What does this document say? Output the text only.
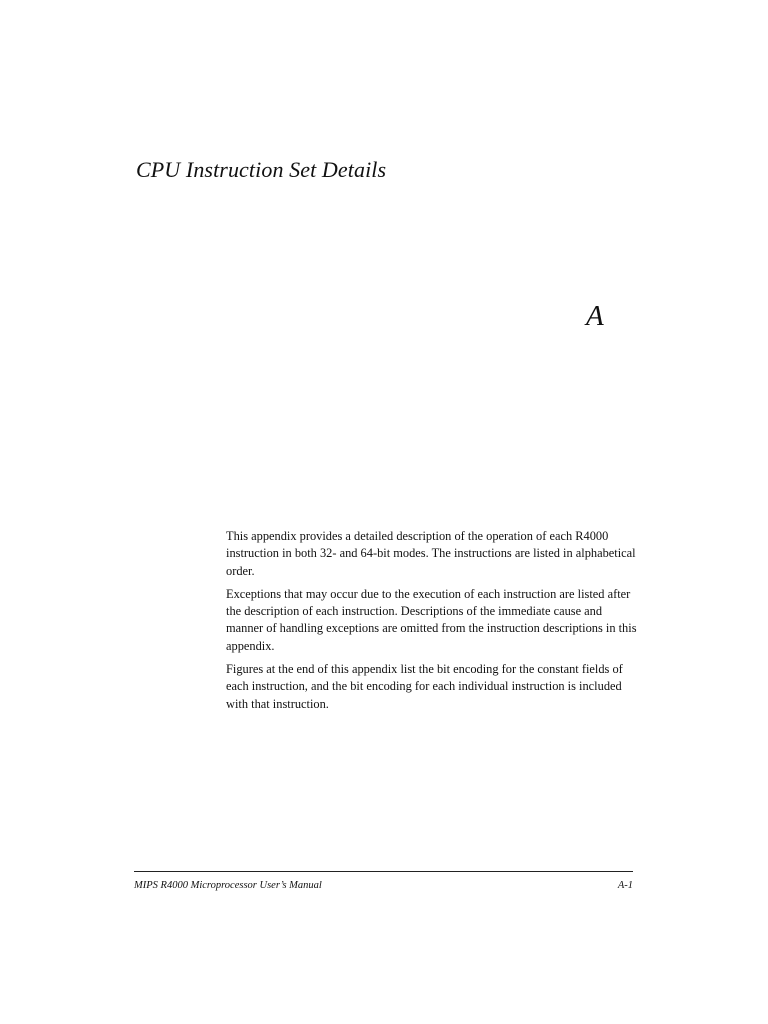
CPU Instruction Set Details
A

This appendix provides a detailed description of the operation of each R4000 instruction in both 32- and 64-bit modes. The instructions are listed in alphabetical order.

Exceptions that may occur due to the execution of each instruction are listed after the description of each instruction. Descriptions of the immediate cause and manner of handling exceptions are omitted from the instruction descriptions in this appendix.

Figures at the end of this appendix list the bit encoding for the constant fields of each instruction, and the bit encoding for each individual instruction is included with that instruction.

MIPS R4000 Microprocessor User’s Manual	A-1
